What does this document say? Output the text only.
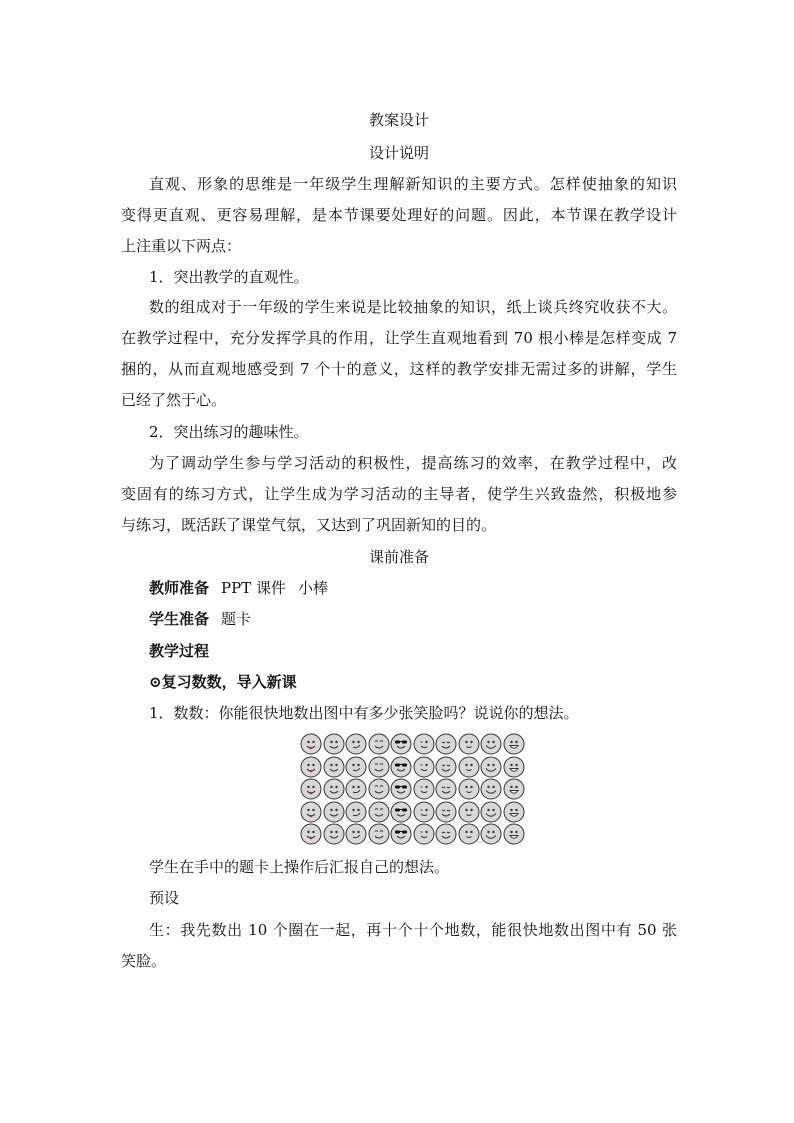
教案设计
设计说明
直观、形象的思维是一年级学生理解新知识的主要方式。怎样使抽象的知识
变得更直观、更容易理解，是本节课要处理好的问题。因此，本节课在教学设计
上注重以下两点：
1．突出教学的直观性。
数的组成对于一年级的学生来说是比较抽象的知识，纸上谈兵终究收获不大。
在教学过程中，充分发挥学具的作用，让学生直观地看到 70 根小棒是怎样变成 7
捆的，从而直观地感受到 7 个十的意义，这样的教学安排无需过多的讲解，学生
已经了然于心。
2．突出练习的趣味性。
为了调动学生参与学习活动的积极性，提高练习的效率，在教学过程中，改
变固有的练习方式，让学生成为学习活动的主导者，使学生兴致盎然，积极地参
与练习，既活跃了课堂气氛，又达到了巩固新知的目的。
课前准备
教师准备 PPT 课件 小棒
学生准备 题卡
教学过程
⊙复习数数，导入新课
1．数数：你能很快地数出图中有多少张笑脸吗？说说你的想法。
学生在手中的题卡上操作后汇报自己的想法。
预设
生：我先数出 10 个圈在一起，再十个十个地数，能很快地数出图中有 50 张
笑脸。
